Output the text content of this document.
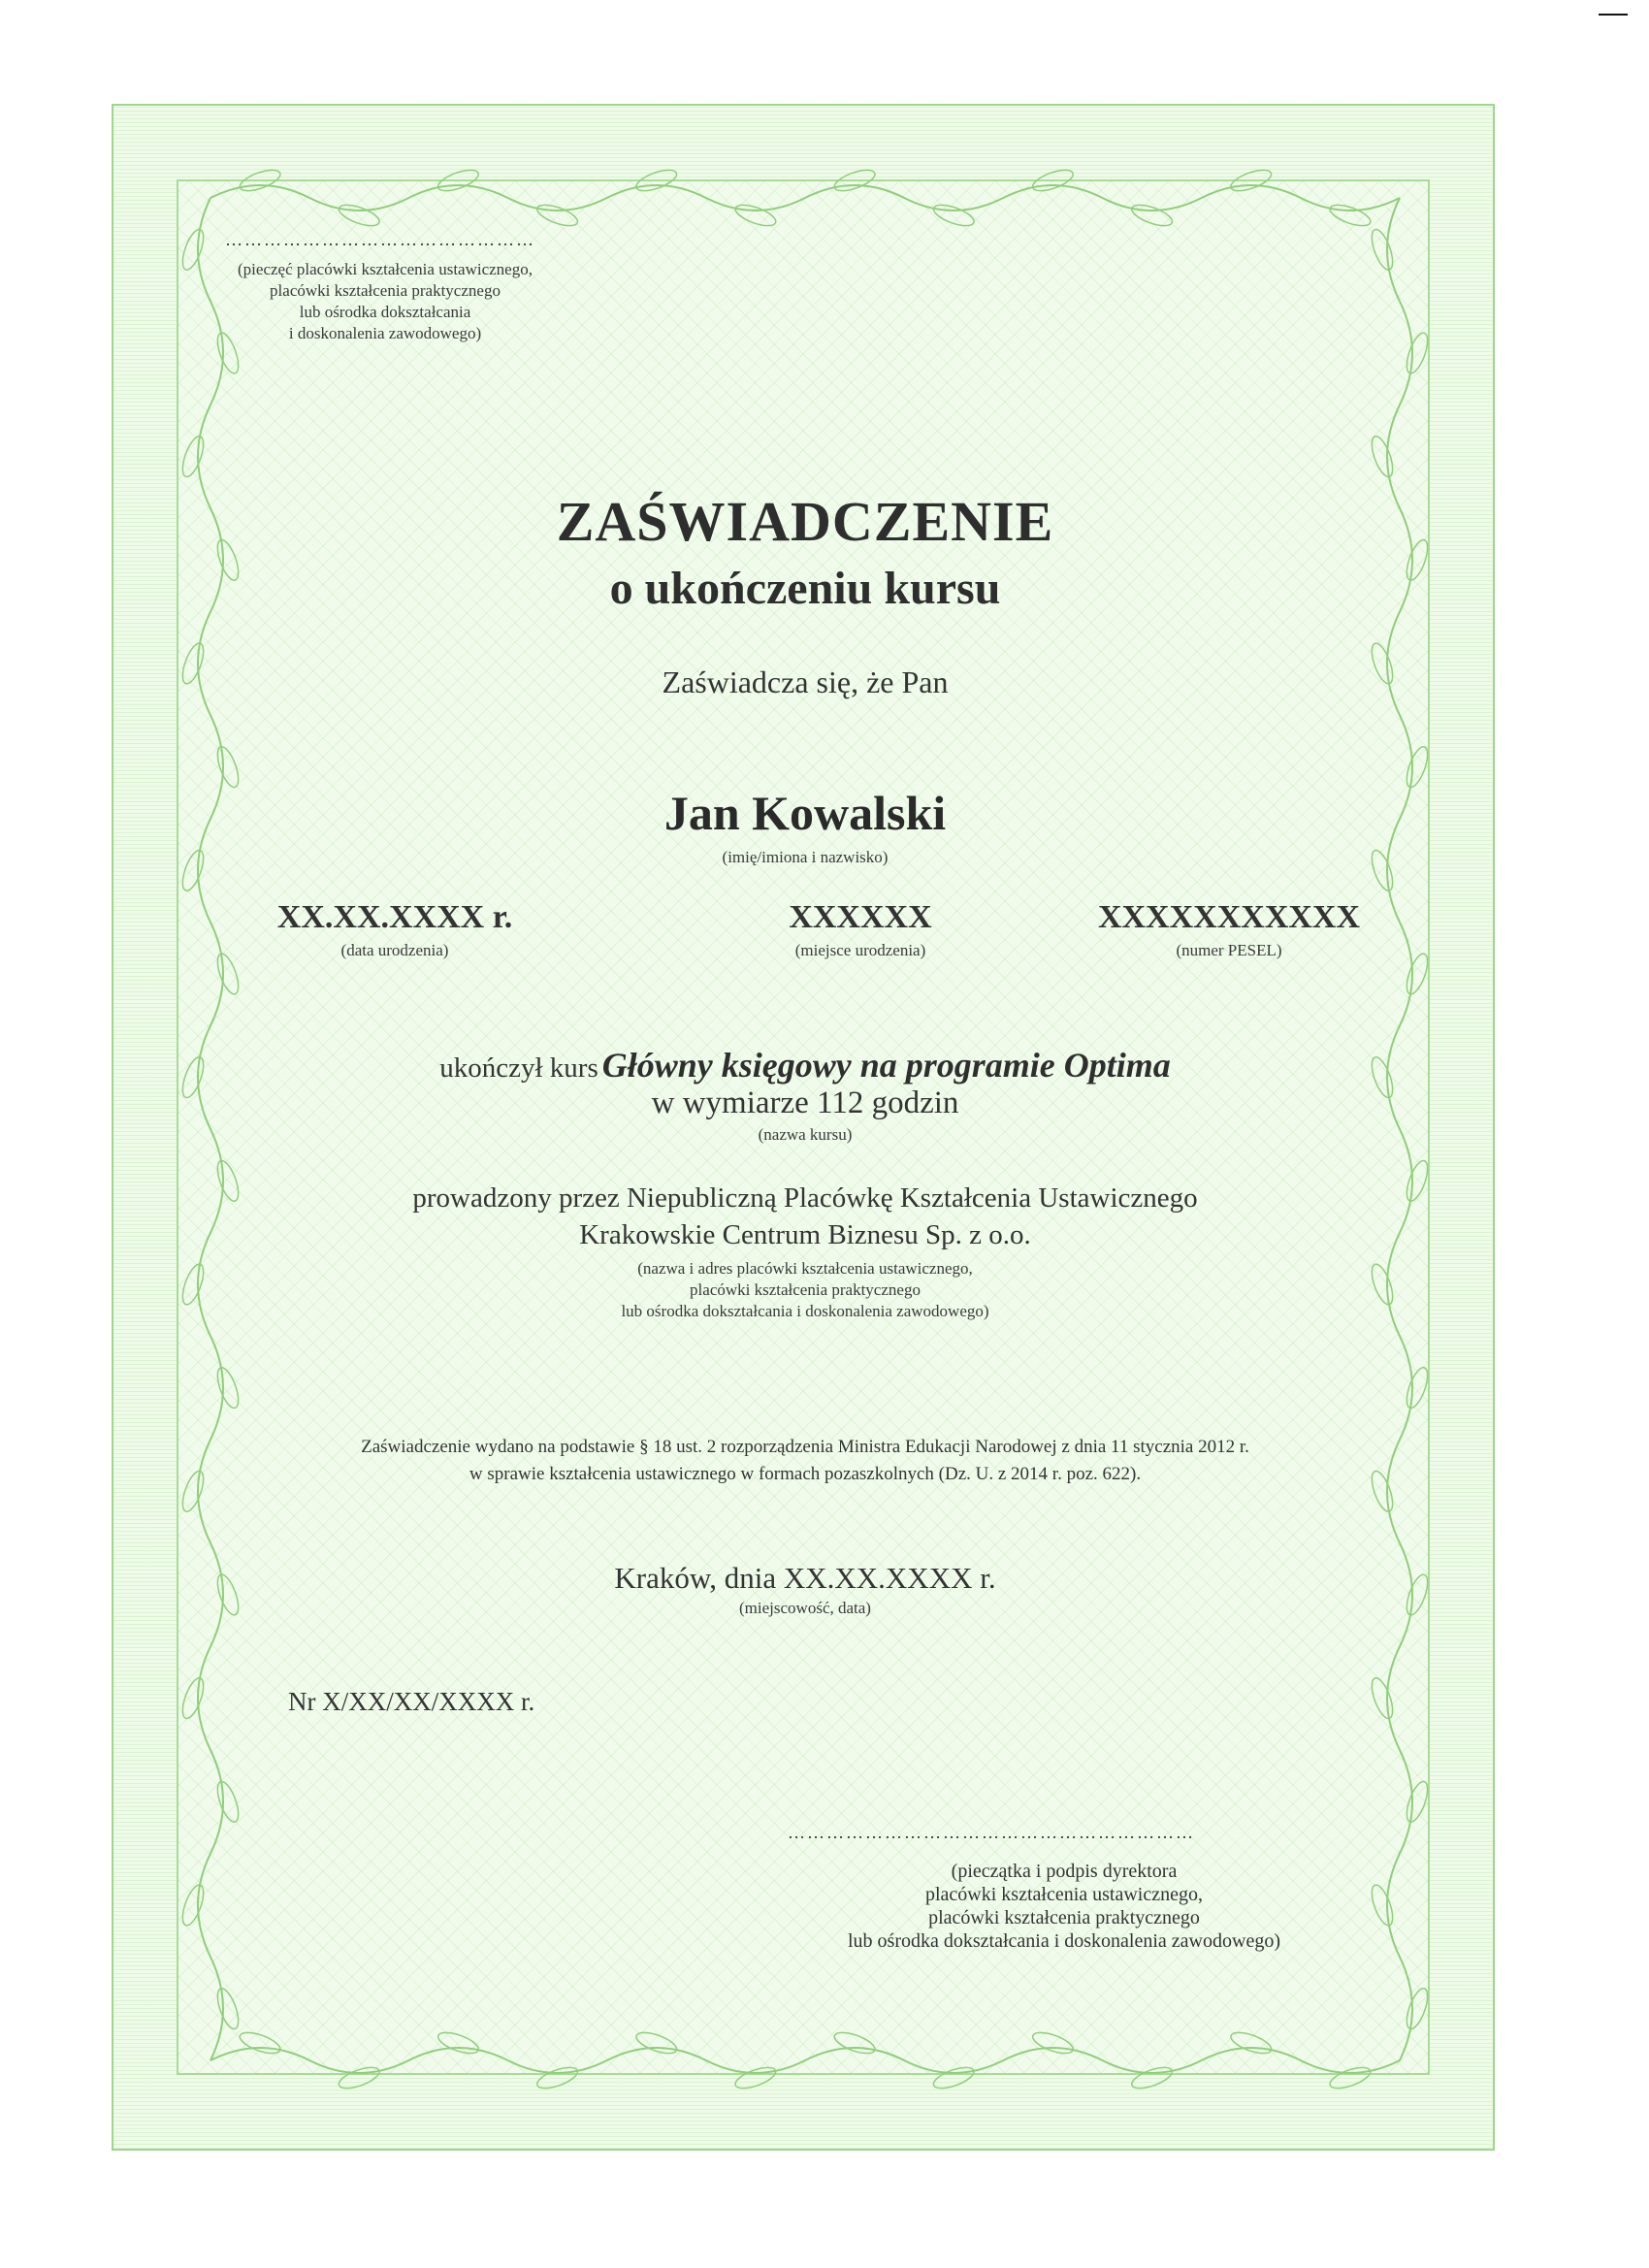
…………………………………………
(pieczęć placówki kształcenia ustawicznego,
placówki kształcenia praktycznego
lub ośrodka dokształcania
i doskonalenia zawodowego)
ZAŚWIADCZENIE
o ukończeniu kursu
Zaświadcza się, że Pan
Jan Kowalski
(imię/imiona i nazwisko)
XX.XX.XXXX r.
(data urodzenia)
XXXXXX
(miejsce urodzenia)
XXXXXXXXXXX
(numer PESEL)
ukończył kurs Główny księgowy na programie Optima
w wymiarze 112 godzin
(nazwa kursu)
prowadzony przez Niepubliczną Placówkę Kształcenia Ustawicznego
Krakowskie Centrum Biznesu Sp. z o.o.
(nazwa i adres placówki kształcenia ustawicznego,
placówki kształcenia praktycznego
lub ośrodka dokształcania i doskonalenia zawodowego)
Zaświadczenie wydano na podstawie § 18 ust. 2 rozporządzenia Ministra Edukacji Narodowej z dnia 11 stycznia 2012 r.
w sprawie kształcenia ustawicznego w formach pozaszkolnych (Dz. U. z 2014 r. poz. 622).
Kraków, dnia XX.XX.XXXX r.
(miejscowość, data)
Nr X/XX/XX/XXXX r.
………………………………………………………
(pieczątka i podpis dyrektora
placówki kształcenia ustawicznego,
placówki kształcenia praktycznego
lub ośrodka dokształcania i doskonalenia zawodowego)
